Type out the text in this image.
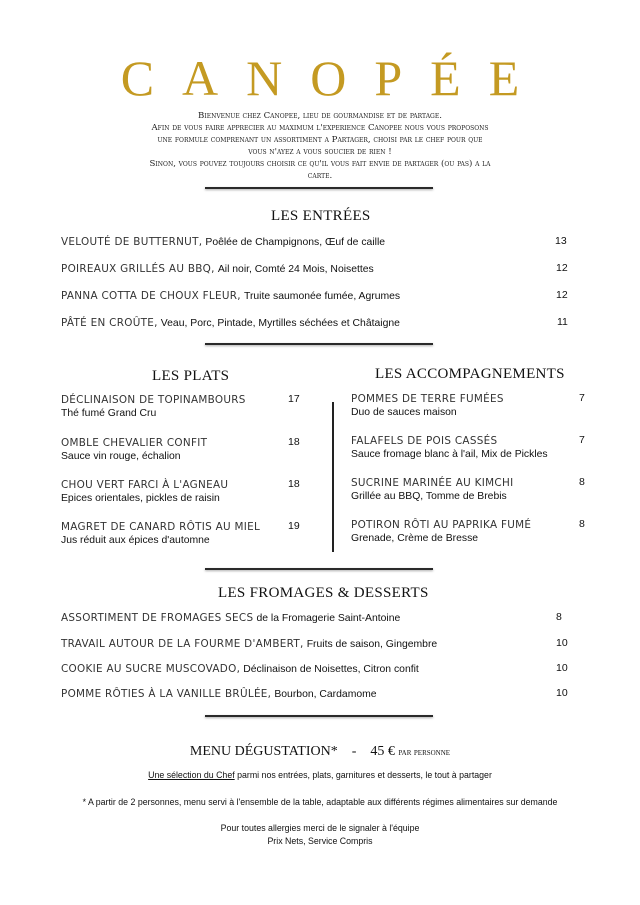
CANOPÉE
Bienvenue chez Canopee, lieu de gourmandise et de partage.
Afin de vous faire apprecier au maximum l'experience Canopee nous vous proposons
une formule comprenant un assortiment a Partager, choisi par le chef pour que
vous n'ayez a vous soucier de rien !
Sinon, vous pouvez toujours choisir ce qu'il vous fait envie de partager (ou pas) a la
carte.
LES ENTRÉES
VELOUTÉ DE BUTTERNUT, Poêlée de Champignons, Œuf de caille	13
POIREAUX GRILLÉS AU BBQ, Ail noir, Comté 24 Mois, Noisettes	12
PANNA COTTA DE CHOUX FLEUR, Truite saumonée fumée, Agrumes	12
PÂTÉ EN CROÛTE, Veau, Porc, Pintade, Myrtilles séchées et Châtaigne	11
LES PLATS
DÉCLINAISON DE TOPINAMBOURS
Thé fumé Grand Cru
17
OMBLE CHEVALIER CONFIT
Sauce vin rouge, échalion
18
CHOU VERT FARCI À L'AGNEAU
Epices orientales, pickles de raisin
18
MAGRET DE CANARD RÔTIS AU MIEL
Jus réduit aux épices d'automne
19
LES ACCOMPAGNEMENTS
POMMES DE TERRE FUMÉES
Duo de sauces maison
7
FALAFELS DE POIS CASSÉS
Sauce fromage blanc à l'ail, Mix de Pickles
7
SUCRINE MARINÉE AU KIMCHI
Grillée au BBQ, Tomme de Brebis
8
POTIRON RÔTI AU PAPRIKA FUMÉ
Grenade, Crème de Bresse
8
LES FROMAGES & DESSERTS
ASSORTIMENT DE FROMAGES SECS de la Fromagerie Saint-Antoine	8
TRAVAIL AUTOUR DE LA FOURME D'AMBERT, Fruits de saison, Gingembre	10
COOKIE AU SUCRE MUSCOVADO, Déclinaison de Noisettes, Citron confit	10
POMME RÔTIES À LA VANILLE BRÛLÉE, Bourbon, Cardamome	10
MENU DÉGUSTATION* - 45 € par personne
Une sélection du Chef parmi nos entrées, plats, garnitures et desserts, le tout à partager
* A partir de 2 personnes, menu servi à l'ensemble de la table, adaptable aux différents régimes alimentaires sur demande
Pour toutes allergies merci de le signaler à l'équipe
Prix Nets, Service Compris
